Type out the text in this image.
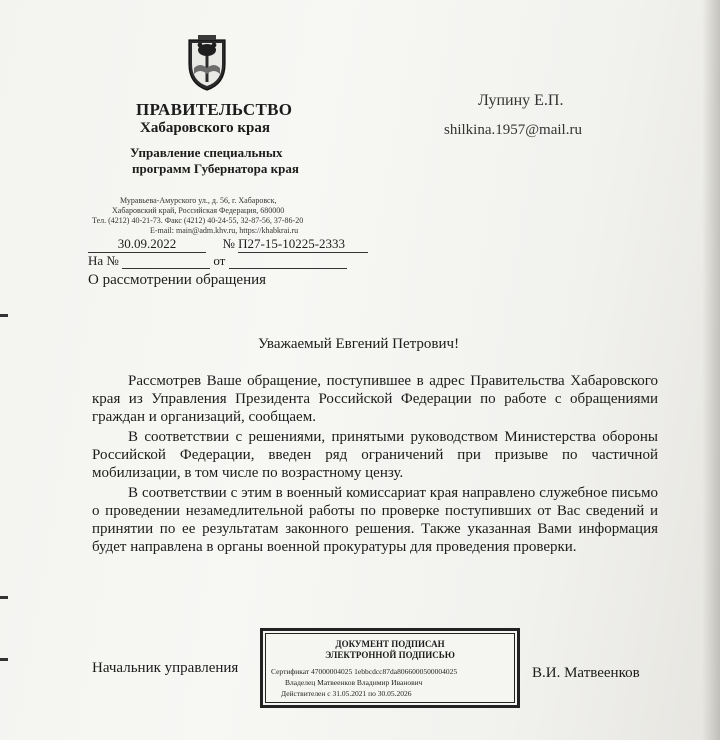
ПРАВИТЕЛЬСТВО
Хабаровского края
Управление специальных
программ Губернатора края
Муравьева-Амурского ул., д. 56, г. Хабаровск,
Хабаровский край, Российская Федерация, 680000
Тел. (4212) 40-21-73. Факс (4212) 40-24-55, 32-87-56, 37-86-20
E-mail: main@adm.khv.ru, https://khabkrai.ru
30.09.2022	№ П27-15-10225-2333
На №	от
О рассмотрении обращения
Лупину Е.П.
shilkina.1957@mail.ru
Уважаемый Евгений Петрович!

Рассмотрев Ваше обращение, поступившее в адрес Правительства Хабаровского края из Управления Президента Российской Федерации по работе с обращениями граждан и организаций, сообщаем.

В соответствии с решениями, принятыми руководством Министерства обороны Российской Федерации, введен ряд ограничений при призыве по частичной мобилизации, в том числе по возрастному цензу.

В соответствии с этим в военный комиссариат края направлено служебное письмо о проведении незамедлительной работы по проверке поступивших от Вас сведений и принятии по ее результатам законного решения. Также указанная Вами информация будет направлена в органы военной прокуратуры для проведения проверки.

Начальник управления
ДОКУМЕНТ ПОДПИСАН
ЭЛЕКТРОННОЙ ПОДПИСЬЮ
Сертификат 47000004025 1ebbcdcc87da8066000500004025
Владелец Матвеенков Владимир Иванович
Действителен с 31.05.2021 по 30.05.2026
В.И. Матвеенков
